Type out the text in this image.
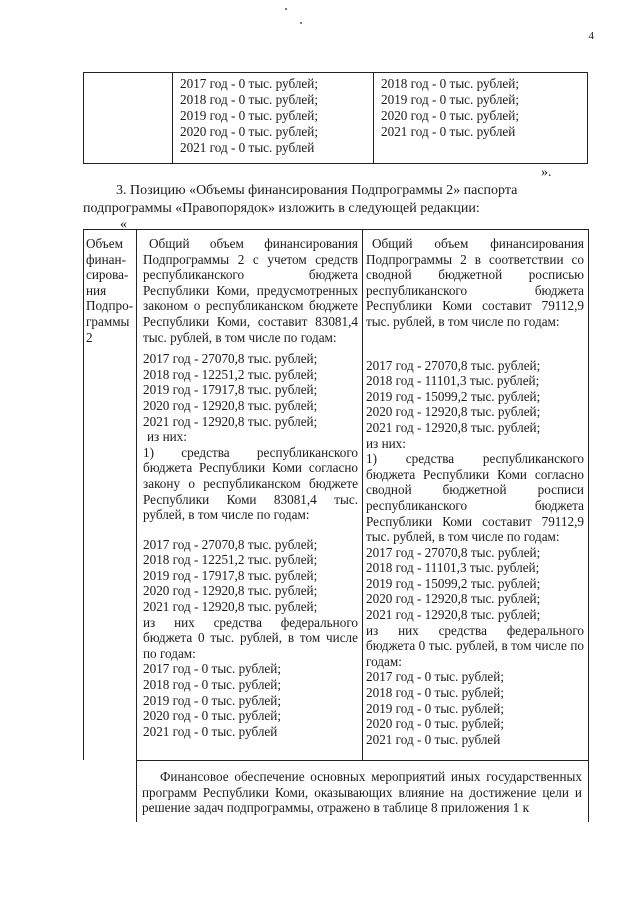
4
2017 год - 0 тыс. рублей;
2018 год - 0 тыс. рублей;
2019 год - 0 тыс. рублей;
2020 год - 0 тыс. рублей;
2021 год - 0 тыс. рублей
2018 год - 0 тыс. рублей;
2019 год - 0 тыс. рублей;
2020 год - 0 тыс. рублей;
2021 год - 0 тыс. рублей
».
3. Позицию «Объемы финансирования Подпрограммы 2» паспорта
подпрограммы «Правопорядок» изложить в следующей редакции:
«
Объем
финан-
сирова-
ния
Подпро-
граммы
2
Общий объем финансирования Подпрограммы 2 с учетом средств республиканского бюджета Республики Коми, предусмотренных законом о республиканском бюджете Республики Коми, составит 83081,4 тыс. рублей, в том числе по годам:
2017 год - 27070,8 тыс. рублей;
2018 год - 12251,2 тыс. рублей;
2019 год - 17917,8 тыс. рублей;
2020 год - 12920,8 тыс. рублей;
2021 год - 12920,8 тыс. рублей;
из них:
1) средства республиканского бюджета Республики Коми согласно закону о республиканском бюджете Республики Коми 83081,4 тыс. рублей, в том числе по годам:
2017 год - 27070,8 тыс. рублей;
2018 год - 12251,2 тыс. рублей;
2019 год - 17917,8 тыс. рублей;
2020 год - 12920,8 тыс. рублей;
2021 год - 12920,8 тыс. рублей;
из них средства федерального бюджета 0 тыс. рублей, в том числе по годам:
2017 год - 0 тыс. рублей;
2018 год - 0 тыс. рублей;
2019 год - 0 тыс. рублей;
2020 год - 0 тыс. рублей;
2021 год - 0 тыс. рублей
Общий объем финансирования Подпрограммы 2 в соответствии со сводной бюджетной росписью республиканского бюджета Республики Коми составит 79112,9 тыс. рублей, в том числе по годам:
2017 год - 27070,8 тыс. рублей;
2018 год - 11101,3 тыс. рублей;
2019 год - 15099,2 тыс. рублей;
2020 год - 12920,8 тыс. рублей;
2021 год - 12920,8 тыс. рублей;
из них:
1) средства республиканского бюджета Республики Коми согласно сводной бюджетной росписи республиканского бюджета Республики Коми составит 79112,9 тыс. рублей, в том числе по годам:
2017 год - 27070,8 тыс. рублей;
2018 год - 11101,3 тыс. рублей;
2019 год - 15099,2 тыс. рублей;
2020 год - 12920,8 тыс. рублей;
2021 год - 12920,8 тыс. рублей;
из них средства федерального бюджета 0 тыс. рублей, в том числе по годам:
2017 год - 0 тыс. рублей;
2018 год - 0 тыс. рублей;
2019 год - 0 тыс. рублей;
2020 год - 0 тыс. рублей;
2021 год - 0 тыс. рублей
Финансовое обеспечение основных мероприятий иных государственных программ Республики Коми, оказывающих влияние на достижение цели и решение задач подпрограммы, отражено в таблице 8 приложения 1 к
